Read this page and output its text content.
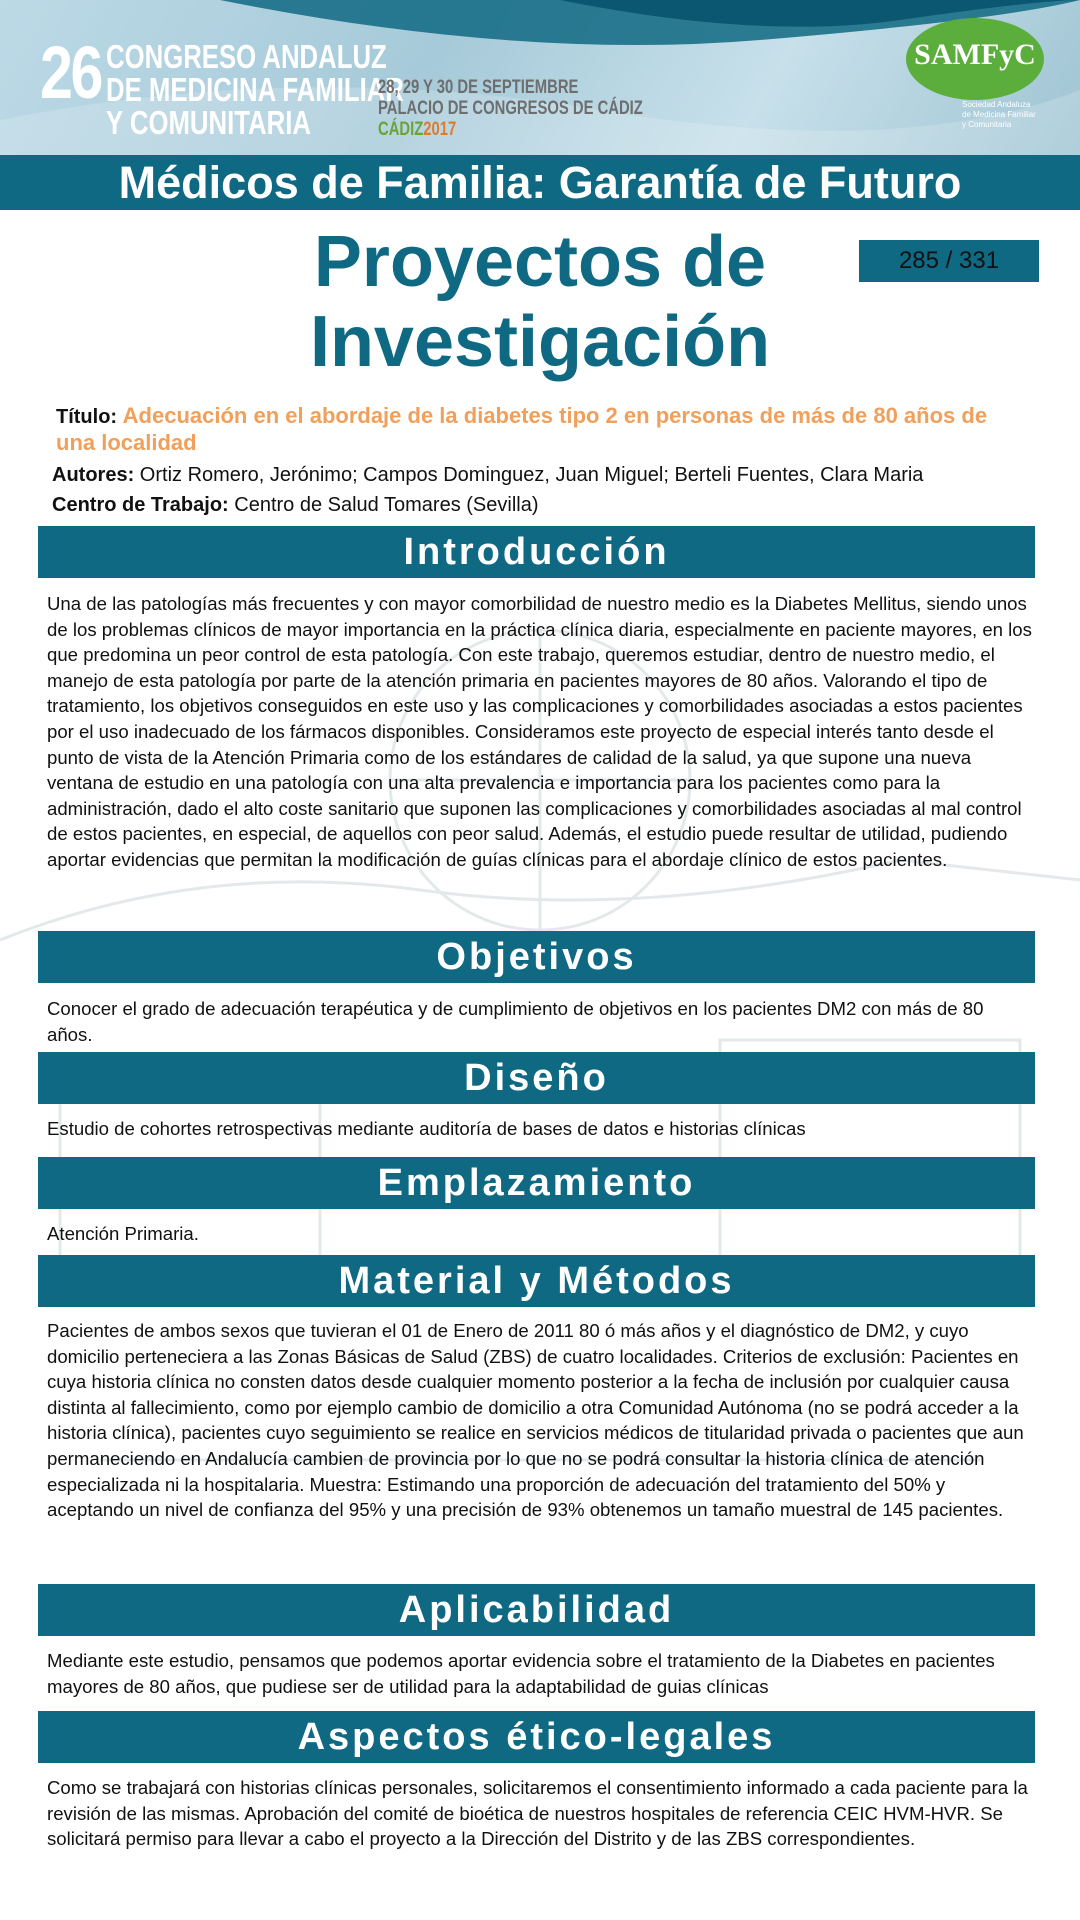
26 CONGRESO ANDALUZ
DE MEDICINA FAMILIAR
Y COMUNITARIA
28, 29 Y 30 DE SEPTIEMBRE
PALACIO DE CONGRESOS DE CÁDIZ
CÁDIZ2017
SAMFyC
Sociedad Andaluza
de Medicina Familiar
y Comunitaria
Médicos de Familia: Garantía de Futuro
Proyectos de
Investigación
285 / 331
Título: Adecuación en el abordaje de la diabetes tipo 2 en personas de más de 80 años de una localidad
Autores: Ortiz Romero, Jerónimo; Campos Dominguez, Juan Miguel; Berteli Fuentes, Clara Maria
Centro de Trabajo: Centro de Salud Tomares (Sevilla)
Introducción
Una de las patologías más frecuentes y con mayor comorbilidad de nuestro medio es la Diabetes Mellitus, siendo unos de los problemas clínicos de mayor importancia en la práctica clínica diaria, especialmente en paciente mayores, en los que predomina un peor control de esta patología. Con este trabajo, queremos estudiar, dentro de nuestro medio, el manejo de esta patología por parte de la atención primaria en pacientes mayores de 80 años. Valorando el tipo de tratamiento, los objetivos conseguidos en este uso y las complicaciones y comorbilidades asociadas a estos pacientes por el uso inadecuado de los fármacos disponibles. Consideramos este proyecto de especial interés tanto desde el punto de vista de la Atención Primaria como de los estándares de calidad de la salud, ya que supone una nueva ventana de estudio en una patología con una alta prevalencia e importancia para los pacientes como para la administración, dado el alto coste sanitario que suponen las complicaciones y comorbilidades asociadas al mal control de estos pacientes, en especial, de aquellos con peor salud. Además, el estudio puede resultar de utilidad, pudiendo aportar evidencias que permitan la modificación de guías clínicas para el abordaje clínico de estos pacientes.
Objetivos
Conocer el grado de adecuación terapéutica y de cumplimiento de objetivos en los pacientes DM2 con más de 80 años.
Diseño
Estudio de cohortes retrospectivas mediante auditoría de bases de datos e historias clínicas
Emplazamiento
Atención Primaria.
Material y Métodos
Pacientes de ambos sexos que tuvieran el 01 de Enero de 2011 80 ó más años y el diagnóstico de DM2, y cuyo domicilio perteneciera a las Zonas Básicas de Salud (ZBS) de cuatro localidades. Criterios de exclusión: Pacientes en cuya historia clínica no consten datos desde cualquier momento posterior a la fecha de inclusión por cualquier causa distinta al fallecimiento, como por ejemplo cambio de domicilio a otra Comunidad Autónoma (no se podrá acceder a la historia clínica), pacientes cuyo seguimiento se realice en servicios médicos de titularidad privada o pacientes que aun permaneciendo en Andalucía cambien de provincia por lo que no se podrá consultar la historia clínica de atención especializada ni la hospitalaria. Muestra: Estimando una proporción de adecuación del tratamiento del 50% y aceptando un nivel de confianza del 95% y una precisión de 93% obtenemos un tamaño muestral de 145 pacientes.
Aplicabilidad
Mediante este estudio, pensamos que podemos aportar evidencia sobre el tratamiento de la Diabetes en pacientes mayores de 80 años, que pudiese ser de utilidad para la adaptabilidad de guias clínicas
Aspectos ético-legales
Como se trabajará con historias clínicas personales, solicitaremos el consentimiento informado a cada paciente para la revisión de las mismas. Aprobación del comité de bioética de nuestros hospitales de referencia CEIC HVM-HVR. Se solicitará permiso para llevar a cabo el proyecto a la Dirección del Distrito y de las ZBS correspondientes.
